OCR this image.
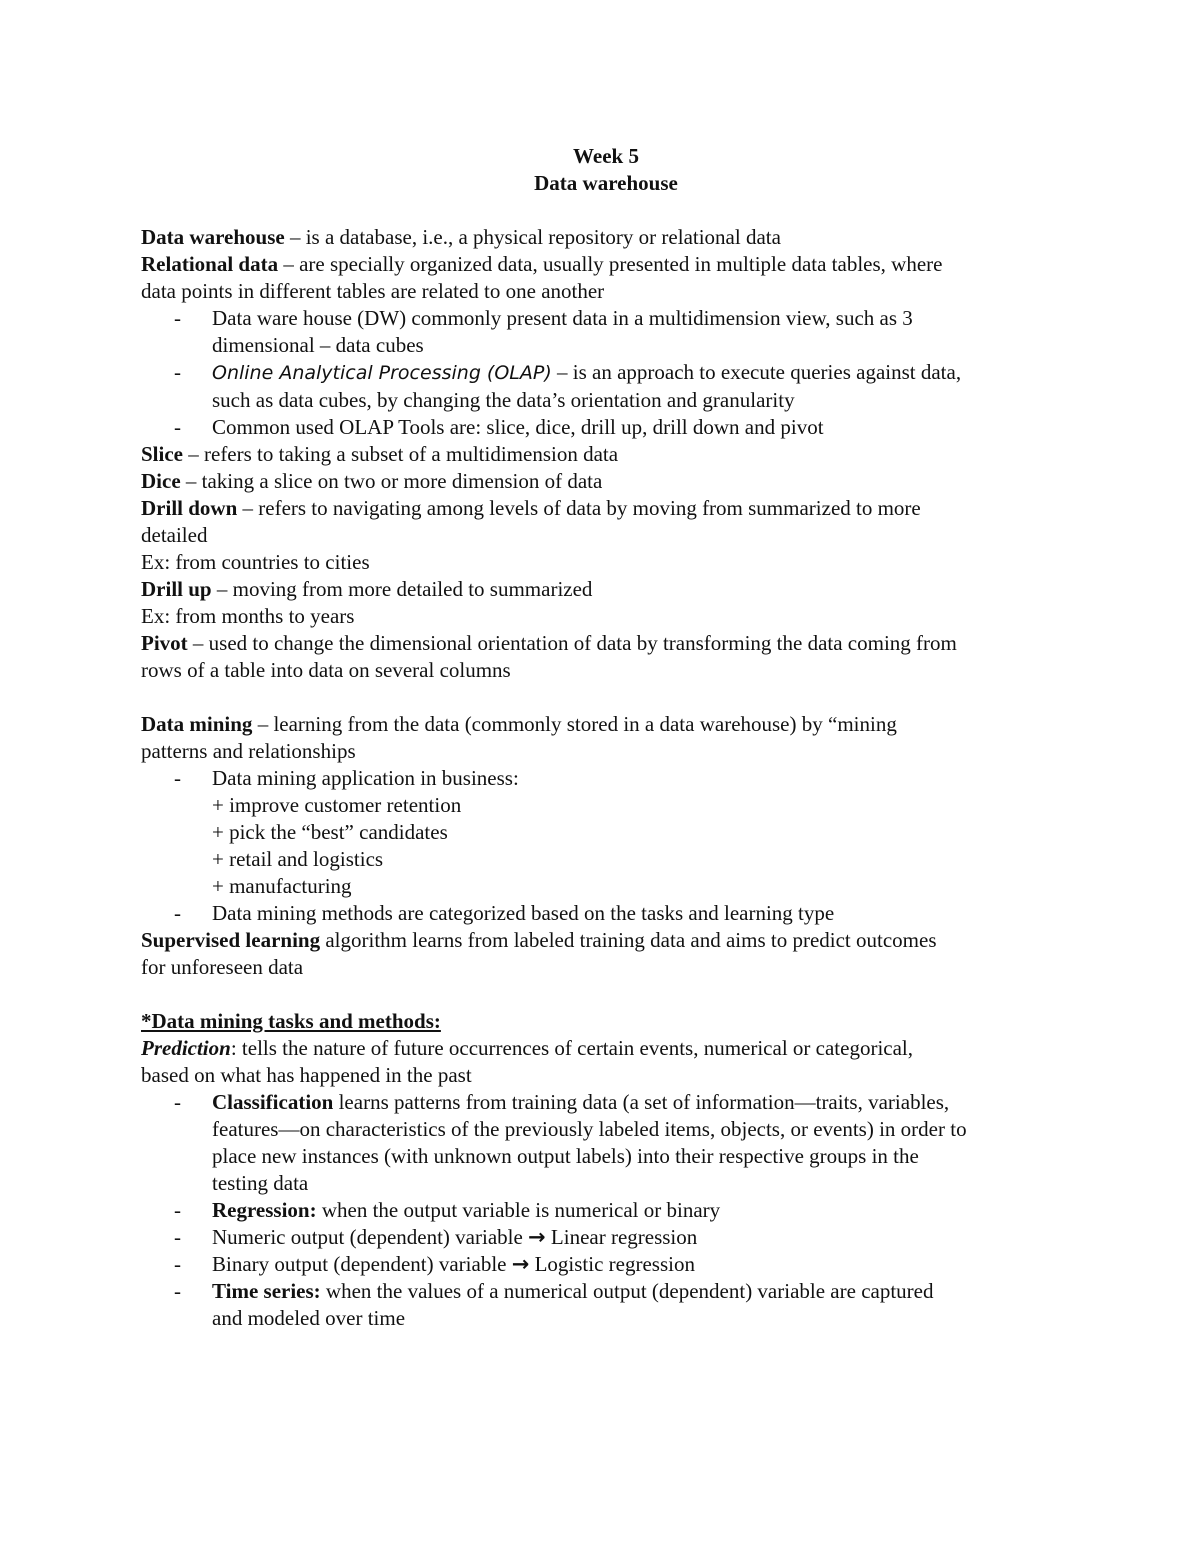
Week 5
Data warehouse
Data warehouse – is a database, i.e., a physical repository or relational data
Relational data – are specially organized data, usually presented in multiple data tables, where
data points in different tables are related to one another
- Data ware house (DW) commonly present data in a multidimension view, such as 3
dimensional – data cubes
- Online Analytical Processing (OLAP) – is an approach to execute queries against data,
such as data cubes, by changing the data’s orientation and granularity
- Common used OLAP Tools are: slice, dice, drill up, drill down and pivot
Slice – refers to taking a subset of a multidimension data
Dice – taking a slice on two or more dimension of data
Drill down – refers to navigating among levels of data by moving from summarized to more
detailed
Ex: from countries to cities
Drill up – moving from more detailed to summarized
Ex: from months to years
Pivot – used to change the dimensional orientation of data by transforming the data coming from
rows of a table into data on several columns
Data mining – learning from the data (commonly stored in a data warehouse) by “mining
patterns and relationships
- Data mining application in business:
+ improve customer retention
+ pick the “best” candidates
+ retail and logistics
+ manufacturing
- Data mining methods are categorized based on the tasks and learning type
Supervised learning algorithm learns from labeled training data and aims to predict outcomes
for unforeseen data
*Data mining tasks and methods:
Prediction: tells the nature of future occurrences of certain events, numerical or categorical,
based on what has happened in the past
- Classification learns patterns from training data (a set of information—traits, variables,
features—on characteristics of the previously labeled items, objects, or events) in order to
place new instances (with unknown output labels) into their respective groups in the
testing data
- Regression: when the output variable is numerical or binary
- Numeric output (dependent) variable → Linear regression
- Binary output (dependent) variable → Logistic regression
- Time series: when the values of a numerical output (dependent) variable are captured
and modeled over time
